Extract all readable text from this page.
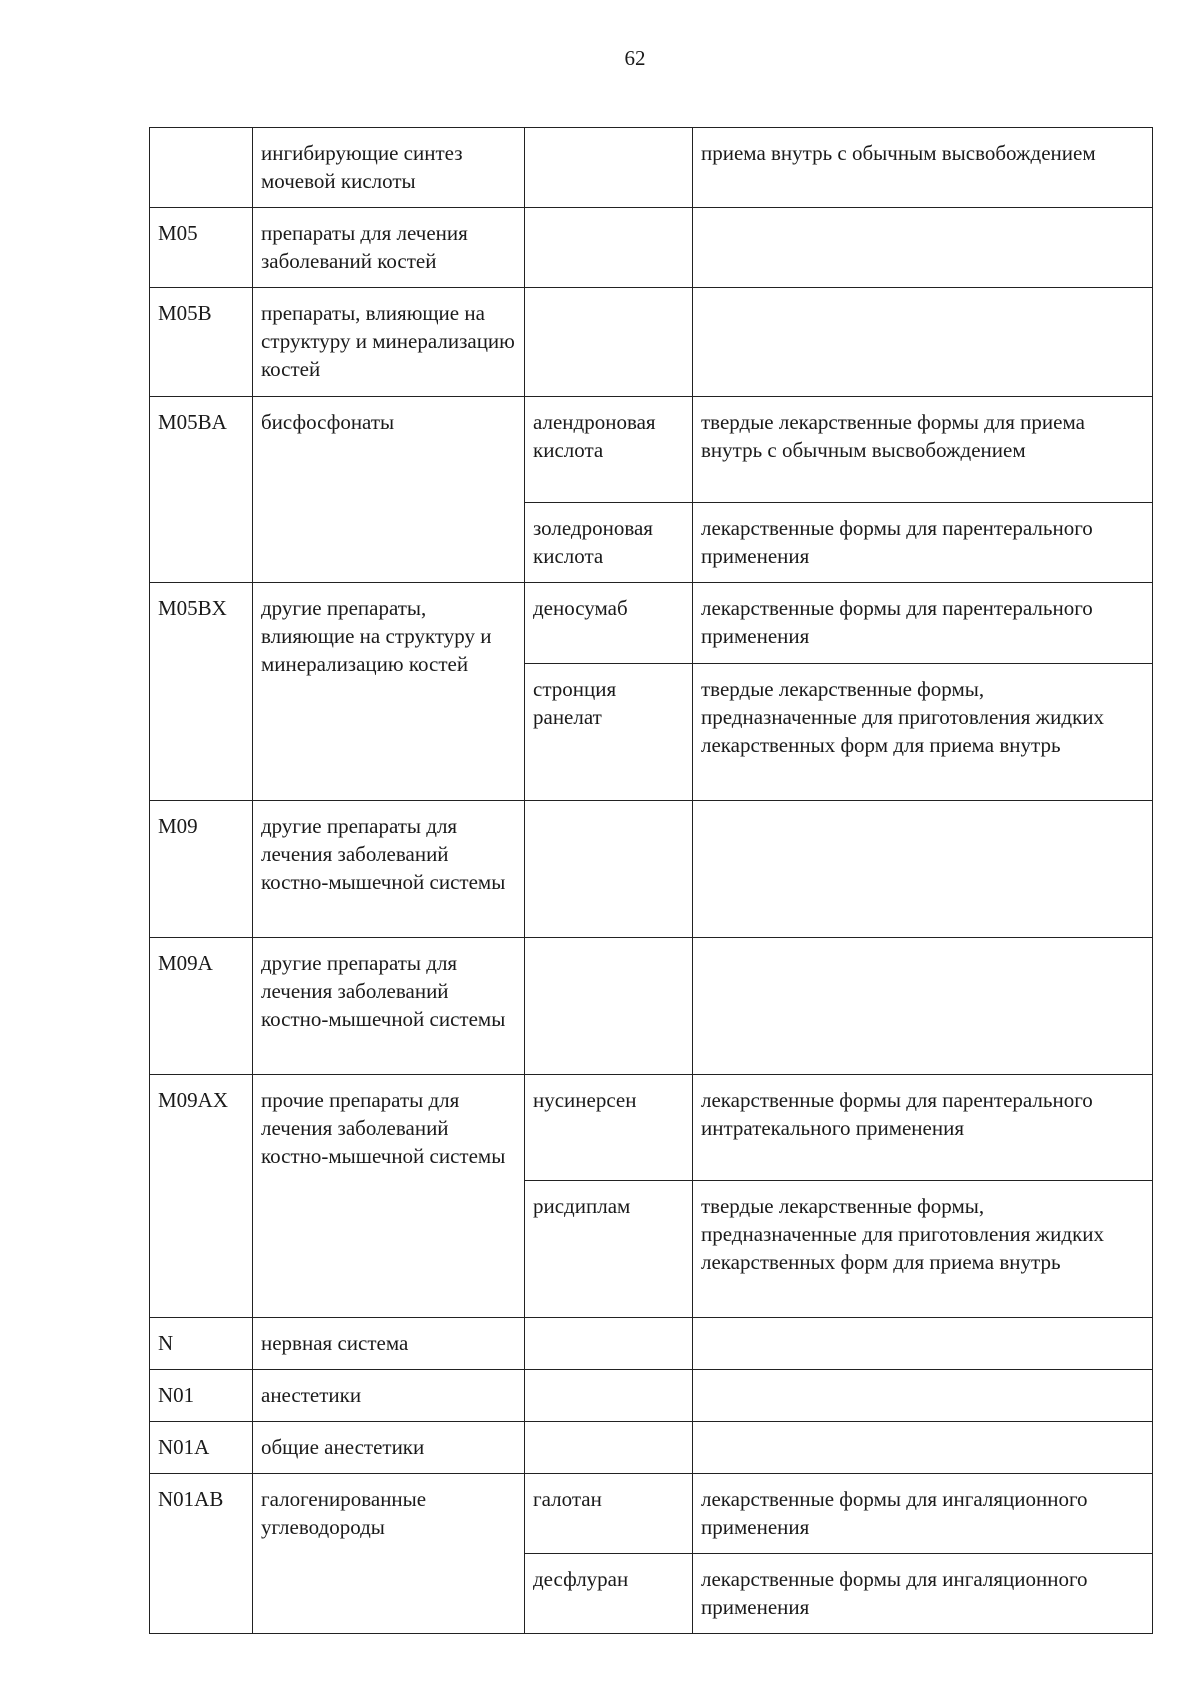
62
	ингибирующие синтез мочевой кислоты		приема внутрь с обычным высвобождением
M05	препараты для лечения заболеваний костей		
M05B	препараты, влияющие на структуру и минерализацию костей		
M05BA	бисфосфонаты	алендроновая кислота	твердые лекарственные формы для приема внутрь с обычным высвобождением
		золедроновая кислота	лекарственные формы для парентерального применения
M05BX	другие препараты, влияющие на структуру и минерализацию костей	деносумаб	лекарственные формы для парентерального применения
		стронция ранелат	твердые лекарственные формы, предназначенные для приготовления жидких лекарственных форм для приема внутрь
M09	другие препараты для лечения заболеваний костно-мышечной системы		
M09A	другие препараты для лечения заболеваний костно-мышечной системы		
M09AX	прочие препараты для лечения заболеваний костно-мышечной системы	нусинерсен	лекарственные формы для парентерального интратекального применения
		рисдиплам	твердые лекарственные формы, предназначенные для приготовления жидких лекарственных форм для приема внутрь
N	нервная система		
N01	анестетики		
N01A	общие анестетики		
N01AB	галогенированные углеводороды	галотан	лекарственные формы для ингаляционного применения
		десфлуран	лекарственные формы для ингаляционного применения
